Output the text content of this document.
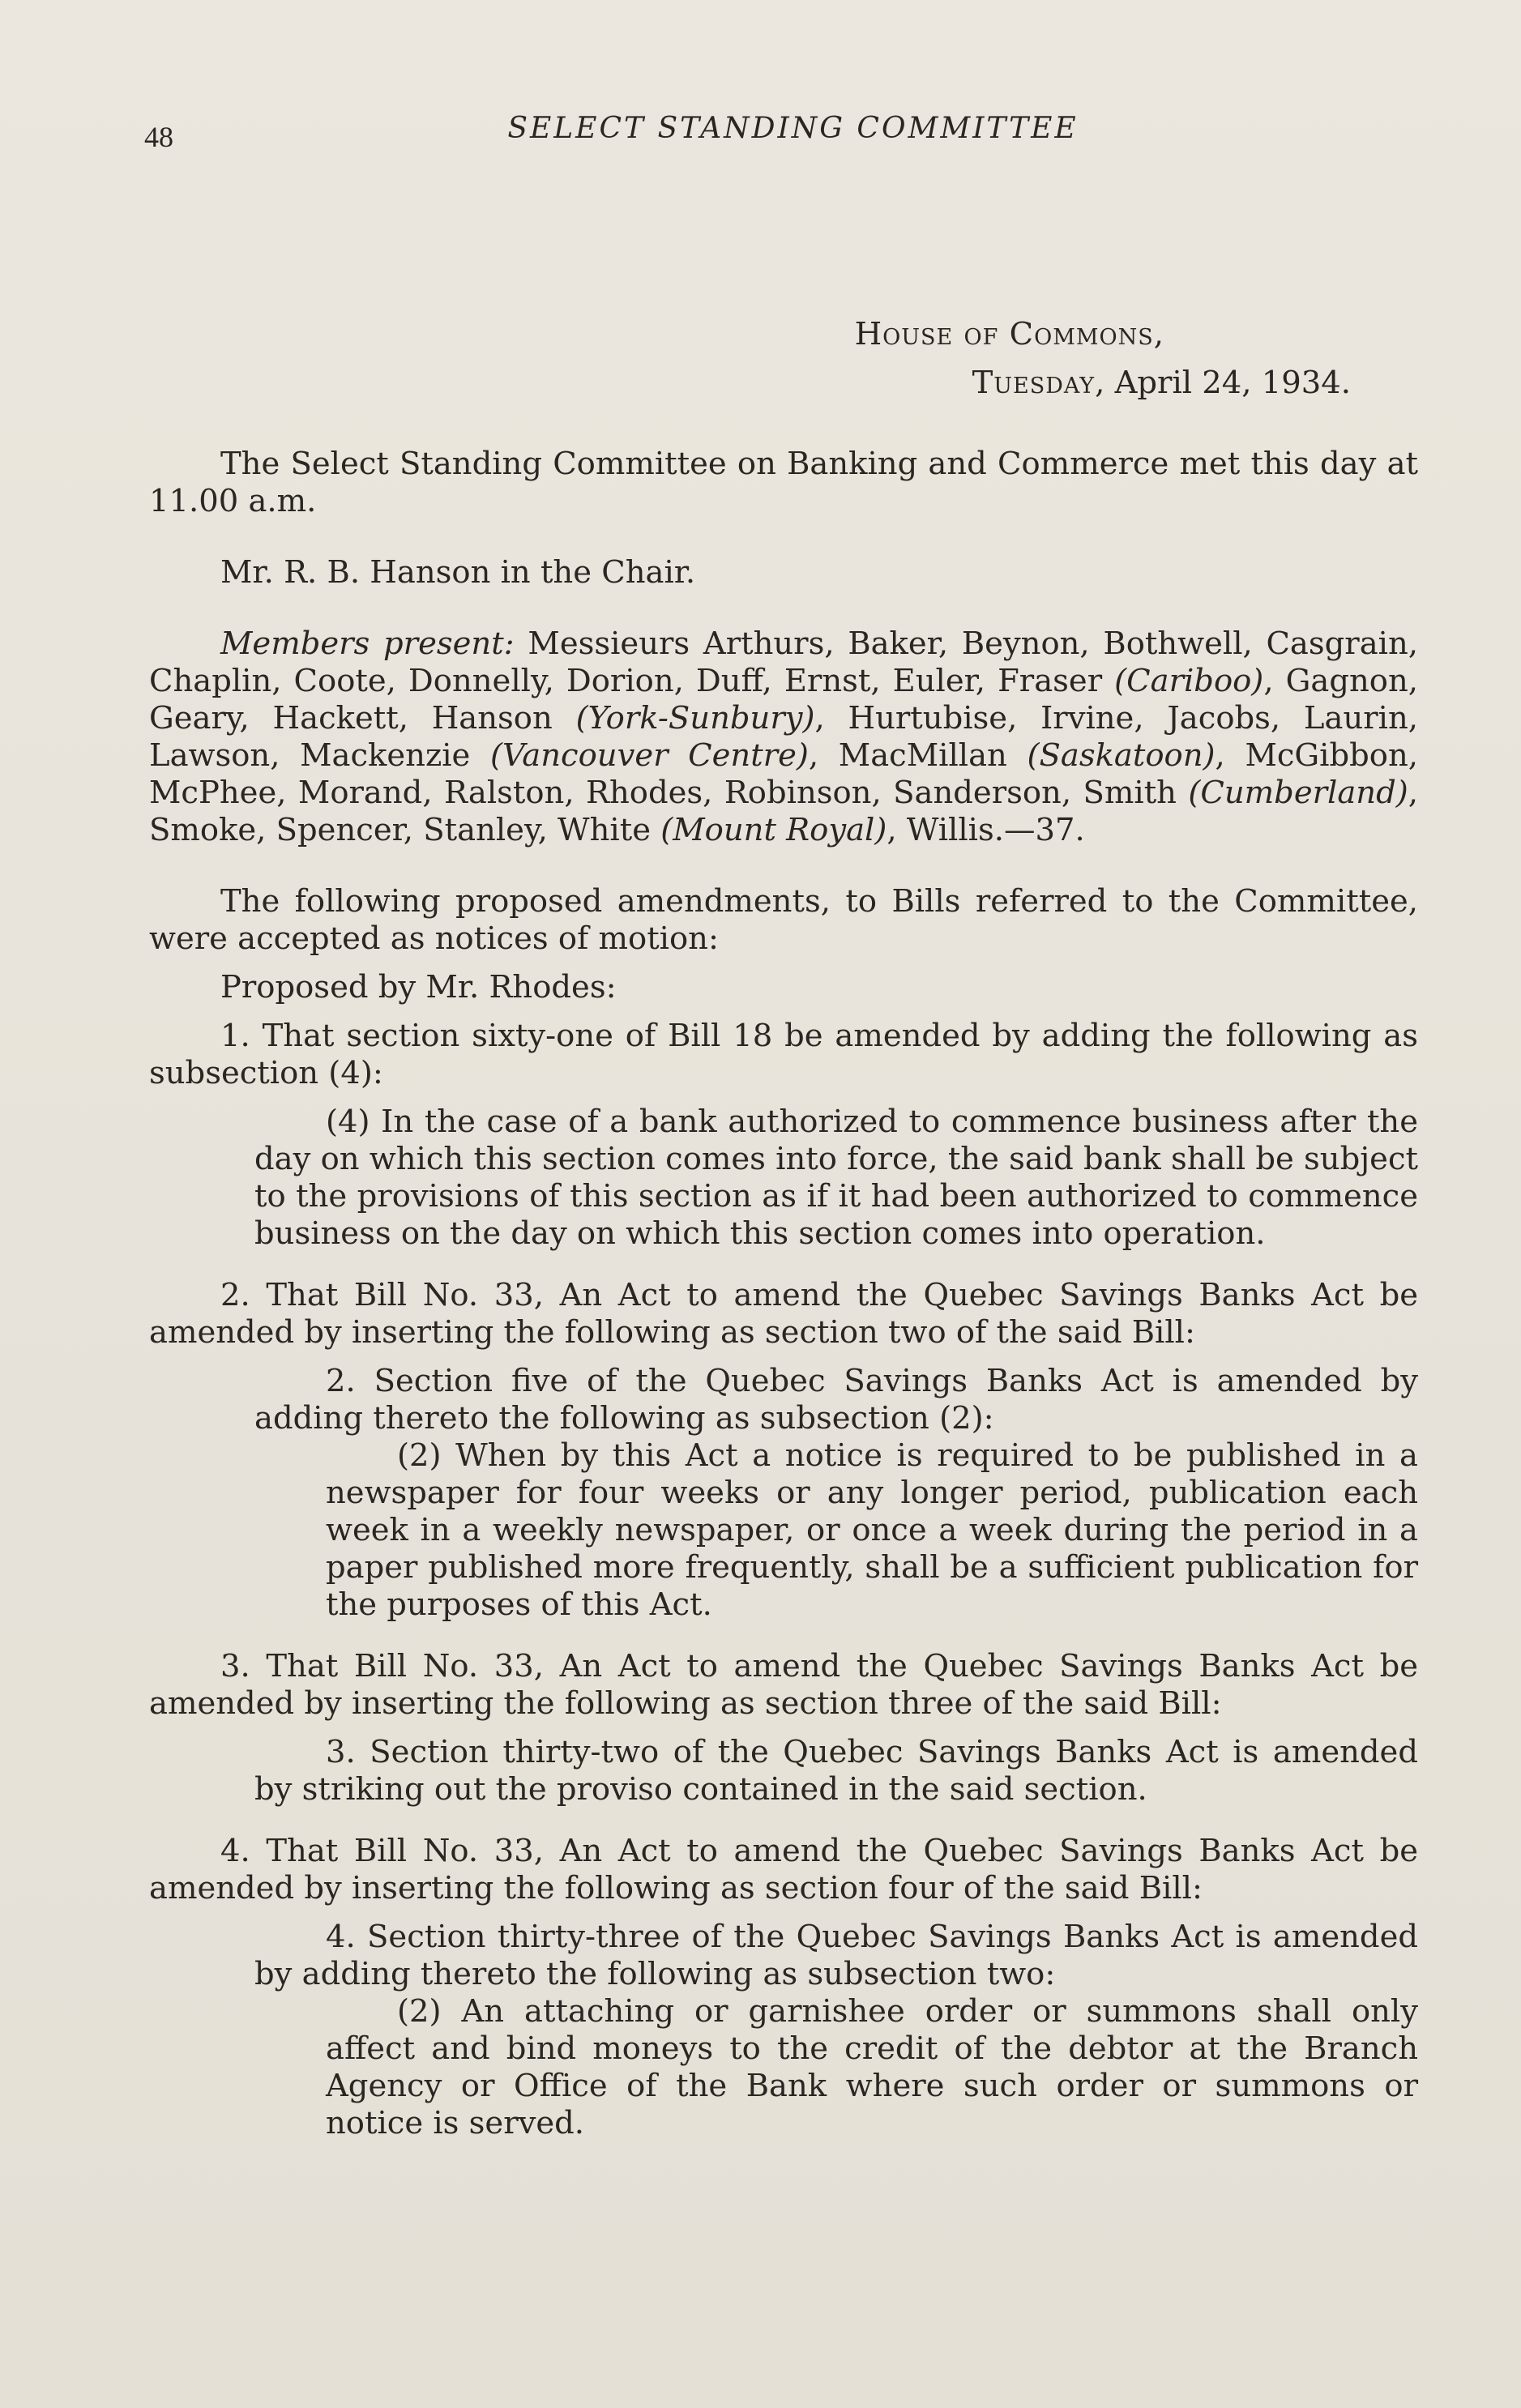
48	SELECT STANDING COMMITTEE
House of Commons,
Tuesday, April 24, 1934.
The Select Standing Committee on Banking and Commerce met this day at 11.00 a.m.
Mr. R. B. Hanson in the Chair.
Members present: Messieurs Arthurs, Baker, Beynon, Bothwell, Casgrain, Chaplin, Coote, Donnelly, Dorion, Duff, Ernst, Euler, Fraser (Cariboo), Gagnon, Geary, Hackett, Hanson (York-Sunbury), Hurtubise, Irvine, Jacobs, Laurin, Lawson, Mackenzie (Vancouver Centre), MacMillan (Saskatoon), McGibbon, McPhee, Morand, Ralston, Rhodes, Robinson, Sanderson, Smith (Cumberland), Smoke, Spencer, Stanley, White (Mount Royal), Willis.—37.
The following proposed amendments, to Bills referred to the Committee, were accepted as notices of motion:
Proposed by Mr. Rhodes:
1. That section sixty-one of Bill 18 be amended by adding the following as subsection (4):
(4) In the case of a bank authorized to commence business after the day on which this section comes into force, the said bank shall be subject to the provisions of this section as if it had been authorized to commence business on the day on which this section comes into operation.
2. That Bill No. 33, An Act to amend the Quebec Savings Banks Act be amended by inserting the following as section two of the said Bill:
2. Section five of the Quebec Savings Banks Act is amended by adding thereto the following as subsection (2):
(2) When by this Act a notice is required to be published in a newspaper for four weeks or any longer period, publication each week in a weekly newspaper, or once a week during the period in a paper published more frequently, shall be a sufficient publication for the purposes of this Act.
3. That Bill No. 33, An Act to amend the Quebec Savings Banks Act be amended by inserting the following as section three of the said Bill:
3. Section thirty-two of the Quebec Savings Banks Act is amended by striking out the proviso contained in the said section.
4. That Bill No. 33, An Act to amend the Quebec Savings Banks Act be amended by inserting the following as section four of the said Bill:
4. Section thirty-three of the Quebec Savings Banks Act is amended by adding thereto the following as subsection two:
(2) An attaching or garnishee order or summons shall only affect and bind moneys to the credit of the debtor at the Branch Agency or Office of the Bank where such order or summons or notice is served.
